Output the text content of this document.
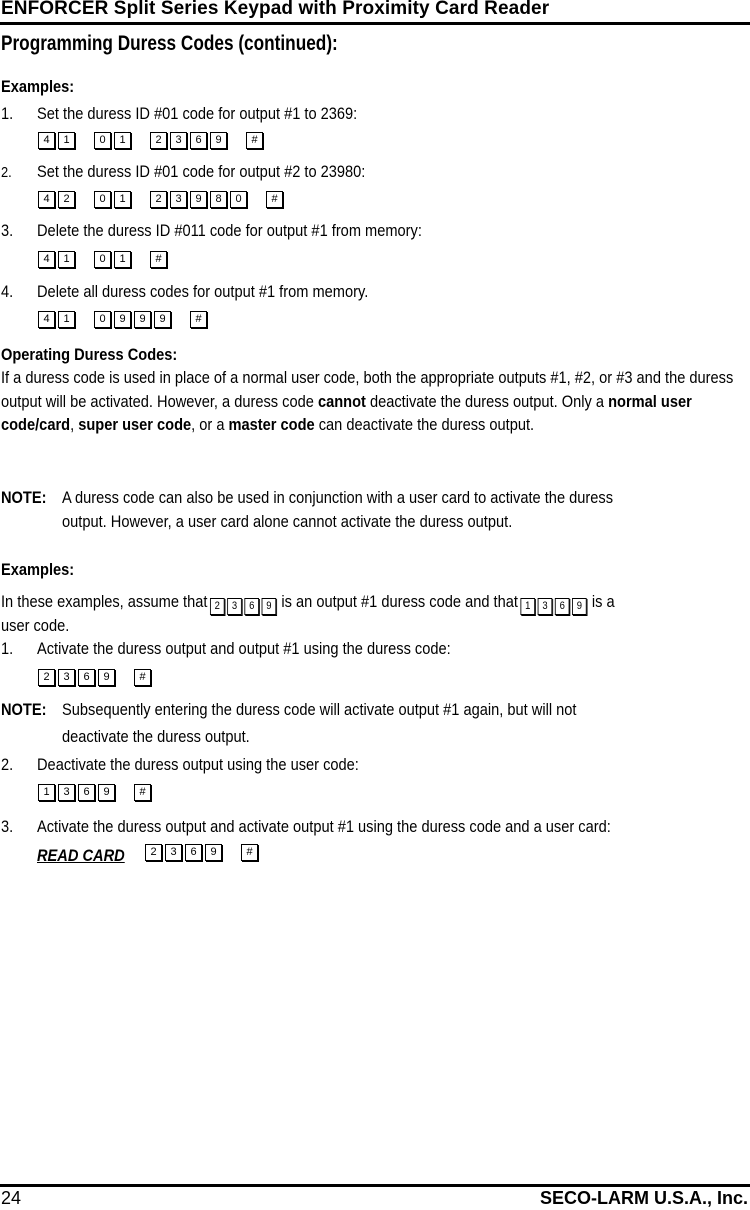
ENFORCER Split Series Keypad with Proximity Card Reader
Programming Duress Codes (continued):
Examples:
1. Set the duress ID #01 code for output #1 to 2369:
4	1	0	1	2	3	6	9	#
2. Set the duress ID #01 code for output #2 to 23980:
4	2	0	1	2	3	9	8	0	#
3. Delete the duress ID #011 code for output #1 from memory:
4	1	0	1	#
4. Delete all duress codes for output #1 from memory.
4	1	0	9	9	9	#
Operating Duress Codes:
If a duress code is used in place of a normal user code, both the appropriate outputs #1, #2, or #3 and the duress output will be activated. However, a duress code cannot deactivate the duress output. Only a normal user code/card, super user code, or a master code can deactivate the duress output.
NOTE: A duress code can also be used in conjunction with a user card to activate the duress
output. However, a user card alone cannot activate the duress output.
Examples:
In these examples, assume that 2	3	6	9 is an output #1 duress code and that 1	3	6	9 is a
user code.
1. Activate the duress output and output #1 using the duress code:
2	3	6	9	#
NOTE: Subsequently entering the duress code will activate output #1 again, but will not
deactivate the duress output.
2. Deactivate the duress output using the user code:
1	3	6	9	#
3. Activate the duress output and activate output #1 using the duress code and a user card:
READ CARD	2	3	6	9	#
24	SECO-LARM U.S.A., Inc.
